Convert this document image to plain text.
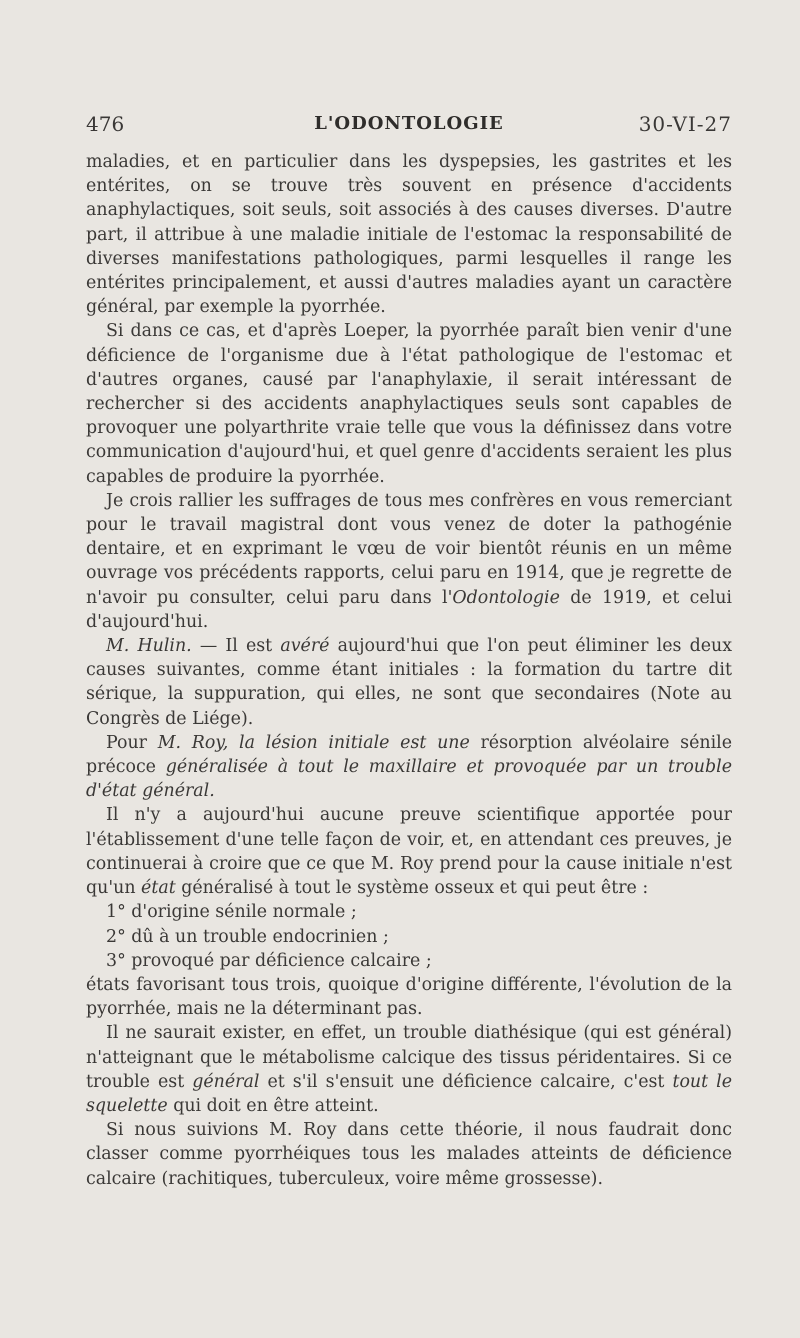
476	L'ODONTOLOGIE	30-VI-27

maladies, et en particulier dans les dyspepsies, les gastrites et les entérites, on se trouve très souvent en présence d'accidents anaphylactiques, soit seuls, soit associés à des causes diverses. D'autre part, il attribue à une maladie initiale de l'estomac la responsabilité de diverses manifestations pathologiques, parmi lesquelles il range les entérites principalement, et aussi d'autres maladies ayant un caractère général, par exemple la pyorrhée.

Si dans ce cas, et d'après Loeper, la pyorrhée paraît bien venir d'une déficience de l'organisme due à l'état pathologique de l'estomac et d'autres organes, causé par l'anaphylaxie, il serait intéressant de rechercher si des accidents anaphylactiques seuls sont capables de provoquer une polyarthrite vraie telle que vous la définissez dans votre communication d'aujourd'hui, et quel genre d'accidents seraient les plus capables de produire la pyorrhée.

Je crois rallier les suffrages de tous mes confrères en vous remerciant pour le travail magistral dont vous venez de doter la pathogénie dentaire, et en exprimant le vœu de voir bientôt réunis en un même ouvrage vos précédents rapports, celui paru en 1914, que je regrette de n'avoir pu consulter, celui paru dans l'Odontologie de 1919, et celui d'aujourd'hui.

M. Hulin. — Il est avéré aujourd'hui que l'on peut éliminer les deux causes suivantes, comme étant initiales : la formation du tartre dit sérique, la suppuration, qui elles, ne sont que secondaires (Note au Congrès de Liége).

Pour M. Roy, la lésion initiale est une résorption alvéolaire sénile précoce généralisée à tout le maxillaire et provoquée par un trouble d'état général.

Il n'y a aujourd'hui aucune preuve scientifique apportée pour l'établissement d'une telle façon de voir, et, en attendant ces preuves, je continuerai à croire que ce que M. Roy prend pour la cause initiale n'est qu'un état généralisé à tout le système osseux et qui peut être :

1° d'origine sénile normale ;

2° dû à un trouble endocrinien ;

3° provoqué par déficience calcaire ;

états favorisant tous trois, quoique d'origine différente, l'évolution de la pyorrhée, mais ne la déterminant pas.

Il ne saurait exister, en effet, un trouble diathésique (qui est général) n'atteignant que le métabolisme calcique des tissus péridentaires. Si ce trouble est général et s'il s'ensuit une déficience calcaire, c'est tout le squelette qui doit en être atteint.

Si nous suivions M. Roy dans cette théorie, il nous faudrait donc classer comme pyorrhéiques tous les malades atteints de déficience calcaire (rachitiques, tuberculeux, voire même grossesse).
